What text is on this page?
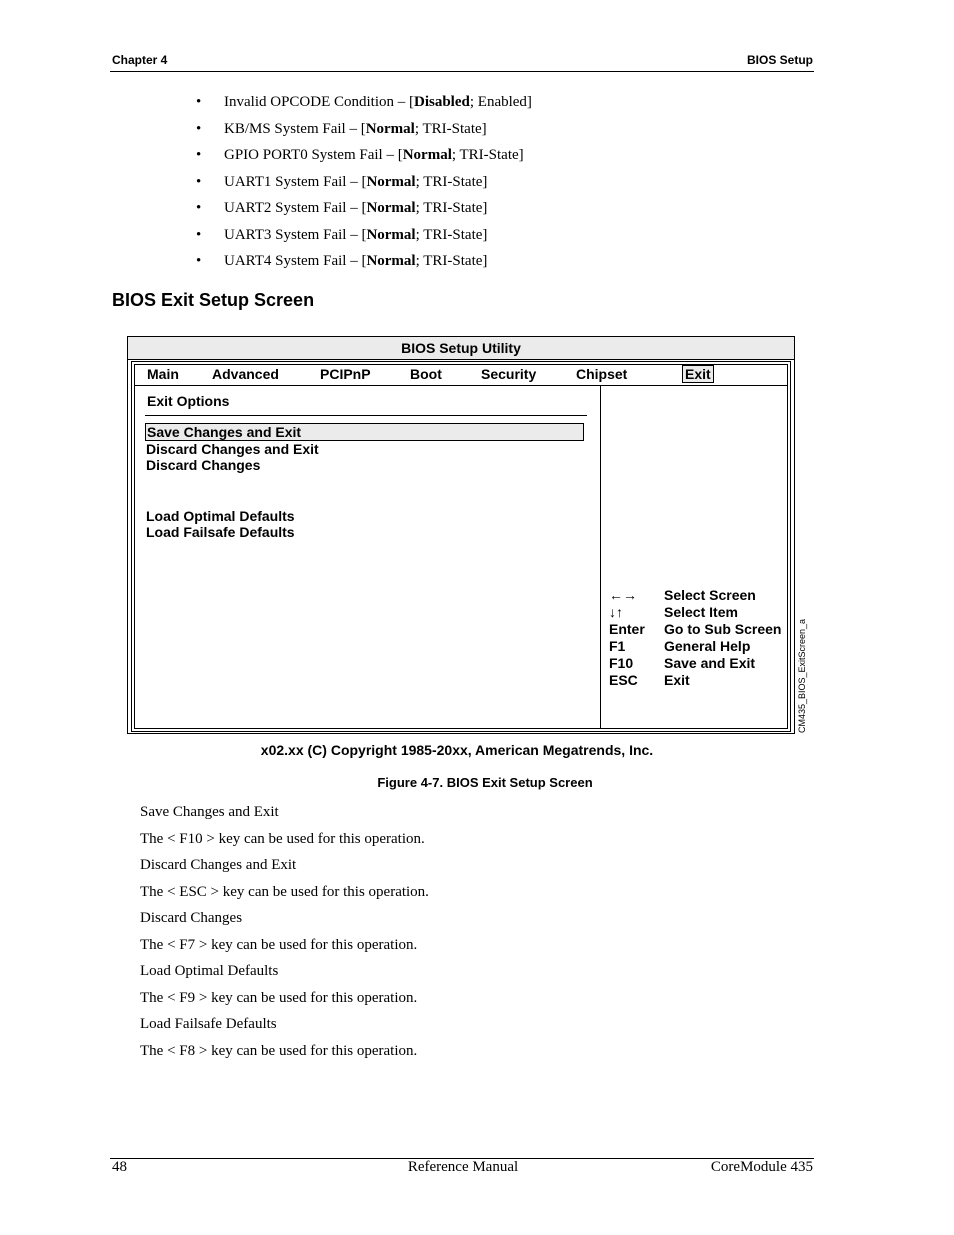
Chapter 4	BIOS Setup
• Invalid OPCODE Condition – [Disabled; Enabled]
• KB/MS System Fail – [Normal; TRI-State]
• GPIO PORT0 System Fail – [Normal; TRI-State]
• UART1 System Fail – [Normal; TRI-State]
• UART2 System Fail – [Normal; TRI-State]
• UART3 System Fail – [Normal; TRI-State]
• UART4 System Fail – [Normal; TRI-State]
BIOS Exit Setup Screen
BIOS Setup Utility
Main Advanced	PCIPnP	Boot	Security	Chipset	Exit
Exit Options
Save Changes and Exit
Discard Changes and Exit
Discard Changes
Load Optimal Defaults
Load Failsafe Defaults
←→ Select Screen
↓↑	Select Item
Enter Go to Sub Screen
F1	General Help
F10 Save and Exit
ESC Exit	CM435_BIOS_ExitScreen_a
x02.xx (C) Copyright 1985-20xx, American Megatrends, Inc.
Figure 4-7. BIOS Exit Setup Screen
Save Changes and Exit
The < F10 > key can be used for this operation.
Discard Changes and Exit
The < ESC > key can be used for this operation.
Discard Changes
The < F7 > key can be used for this operation.
Load Optimal Defaults
The < F9 > key can be used for this operation.
Load Failsafe Defaults
The < F8 > key can be used for this operation.
48	Reference Manual	CoreModule 435
